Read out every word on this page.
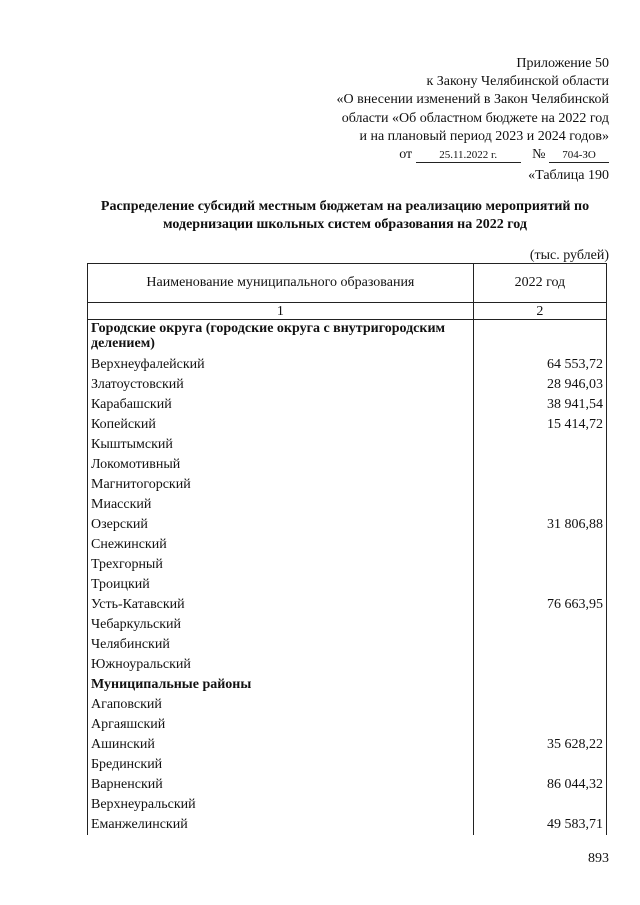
Приложение 50
к Закону Челябинской области
«О внесении изменений в Закон Челябинской
области «Об областном бюджете на 2022 год
и на плановый период 2023 и 2024 годов»
от 25.11.2022 г.	№ 704-ЗО
«Таблица 190
Распределение субсидий местным бюджетам на реализацию мероприятий по модернизации школьных систем образования на 2022 год
(тыс. рублей)
Наименование муниципального образования	2022 год
1	2
Городские округа (городские округа с внутригородским делением)	
Верхнеуфалейский	64 553,72
Златоустовский	28 946,03
Карабашский	38 941,54
Копейский	15 414,72
Кыштымский	
Локомотивный	
Магнитогорский	
Миасский	
Озерский	31 806,88
Снежинский	
Трехгорный	
Троицкий	
Усть-Катавский	76 663,95
Чебаркульский	
Челябинский	
Южноуральский	
Муниципальные районы	
Агаповский	
Аргаяшский	
Ашинский	35 628,22
Брединский	
Варненский	86 044,32
Верхнеуральский	
Еманжелинский	49 583,71
893
